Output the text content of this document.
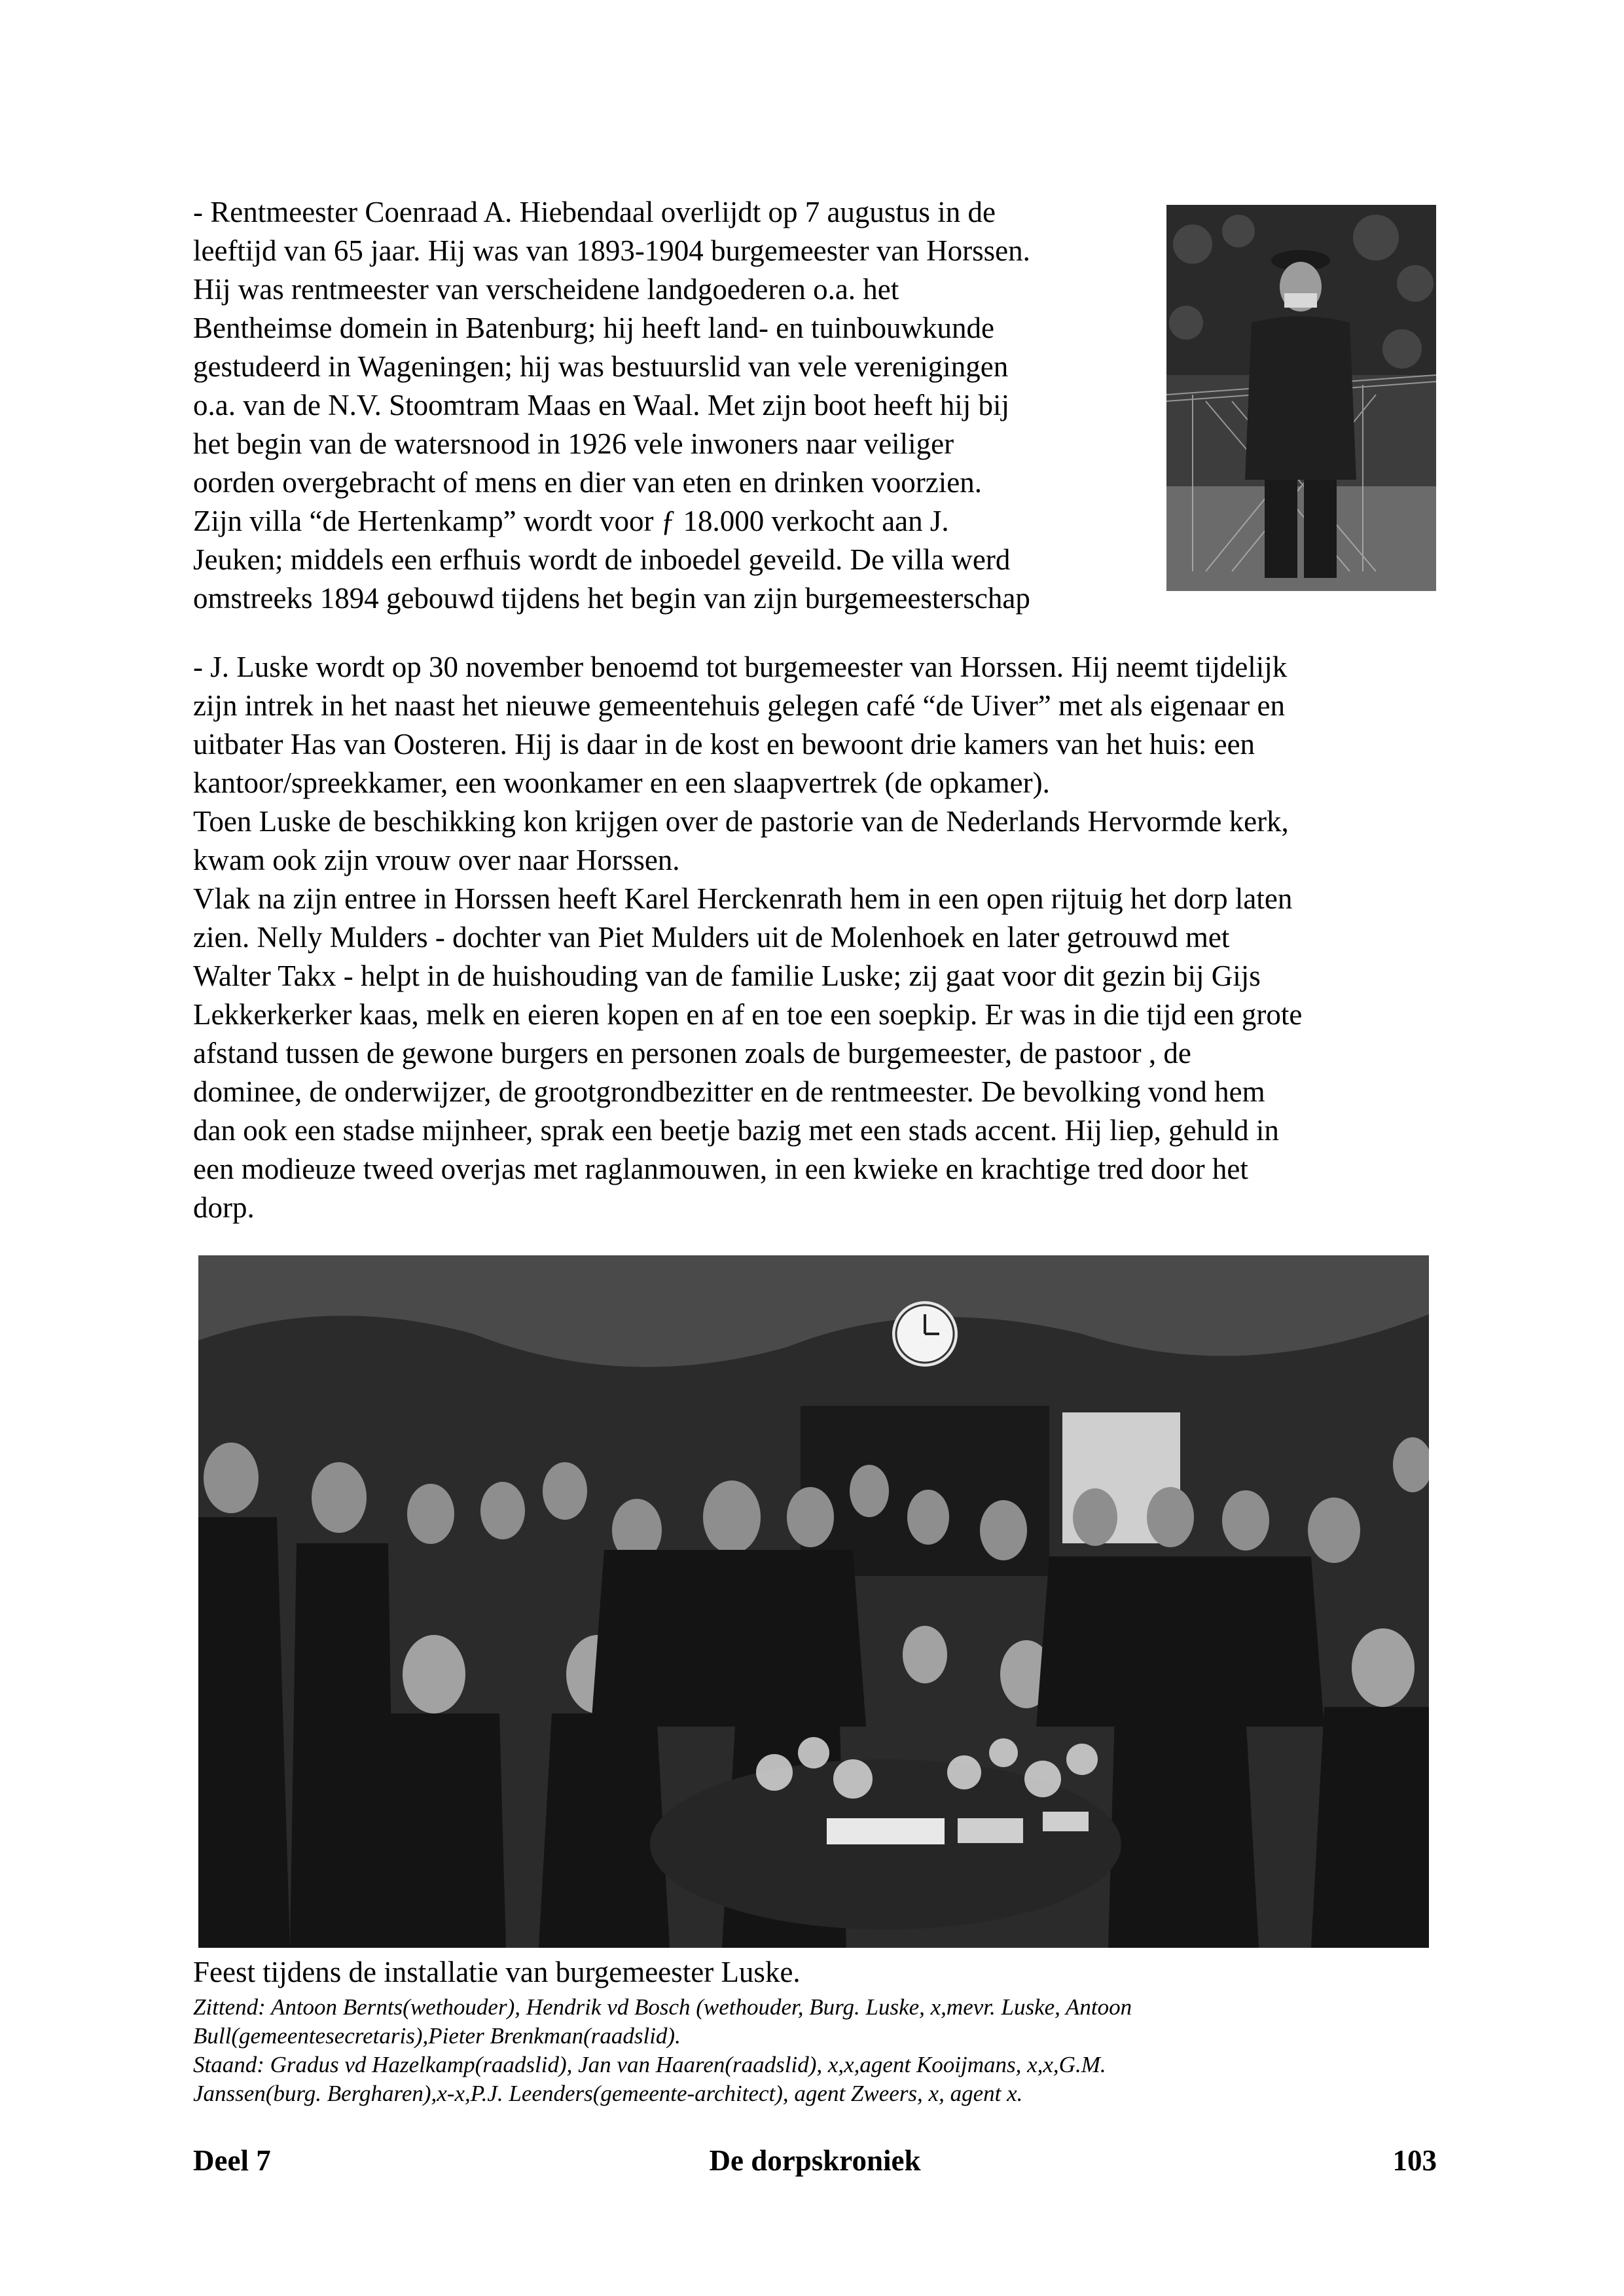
- Rentmeester Coenraad A. Hiebendaal overlijdt op 7 augustus in de
leeftijd van 65 jaar. Hij was van 1893-1904 burgemeester van Horssen.
Hij was rentmeester van verscheidene landgoederen o.a. het
Bentheimse domein in Batenburg; hij heeft land- en tuinbouwkunde
gestudeerd in Wageningen; hij was bestuurslid van vele verenigingen
o.a. van de N.V. Stoomtram Maas en Waal. Met zijn boot heeft hij bij
het begin van de watersnood in 1926 vele inwoners naar veiliger
oorden overgebracht of mens en dier van eten en drinken voorzien.
Zijn villa “de Hertenkamp” wordt voor ƒ 18.000 verkocht aan J.
Jeuken; middels een erfhuis wordt de inboedel geveild. De villa werd
omstreeks 1894 gebouwd tijdens het begin van zijn burgemeesterschap

- J. Luske wordt op 30 november benoemd tot burgemeester van Horssen. Hij neemt tijdelijk
zijn intrek in het naast het nieuwe gemeentehuis gelegen café “de Uiver” met als eigenaar en
uitbater Has van Oosteren. Hij is daar in de kost en bewoont drie kamers van het huis: een
kantoor/spreekkamer, een woonkamer en een slaapvertrek (de opkamer).
Toen Luske de beschikking kon krijgen over de pastorie van de Nederlands Hervormde kerk,
kwam ook zijn vrouw over naar Horssen.
Vlak na zijn entree in Horssen heeft Karel Herckenrath hem in een open rijtuig het dorp laten
zien. Nelly Mulders - dochter van Piet Mulders uit de Molenhoek en later getrouwd met
Walter Takx - helpt in de huishouding van de familie Luske; zij gaat voor dit gezin bij Gijs
Lekkerkerker kaas, melk en eieren kopen en af en toe een soepkip. Er was in die tijd een grote
afstand tussen de gewone burgers en personen zoals de burgemeester, de pastoor , de
dominee, de onderwijzer, de grootgrondbezitter en de rentmeester. De bevolking vond hem
dan ook een stadse mijnheer, sprak een beetje bazig met een stads accent. Hij liep, gehuld in
een modieuze tweed overjas met raglanmouwen, in een kwieke en krachtige tred door het
dorp.

Feest tijdens de installatie van burgemeester Luske.

Zittend: Antoon Bernts(wethouder), Hendrik vd Bosch (wethouder, Burg. Luske, x,mevr. Luske, Antoon
Bull(gemeentesecretaris),Pieter Brenkman(raadslid).
Staand: Gradus vd Hazelkamp(raadslid), Jan van Haaren(raadslid), x,x,agent Kooijmans, x,x,G.M.
Janssen(burg. Bergharen),x-x,P.J. Leenders(gemeente-architect), agent Zweers, x, agent x.

Deel 7	De dorpskroniek	103
